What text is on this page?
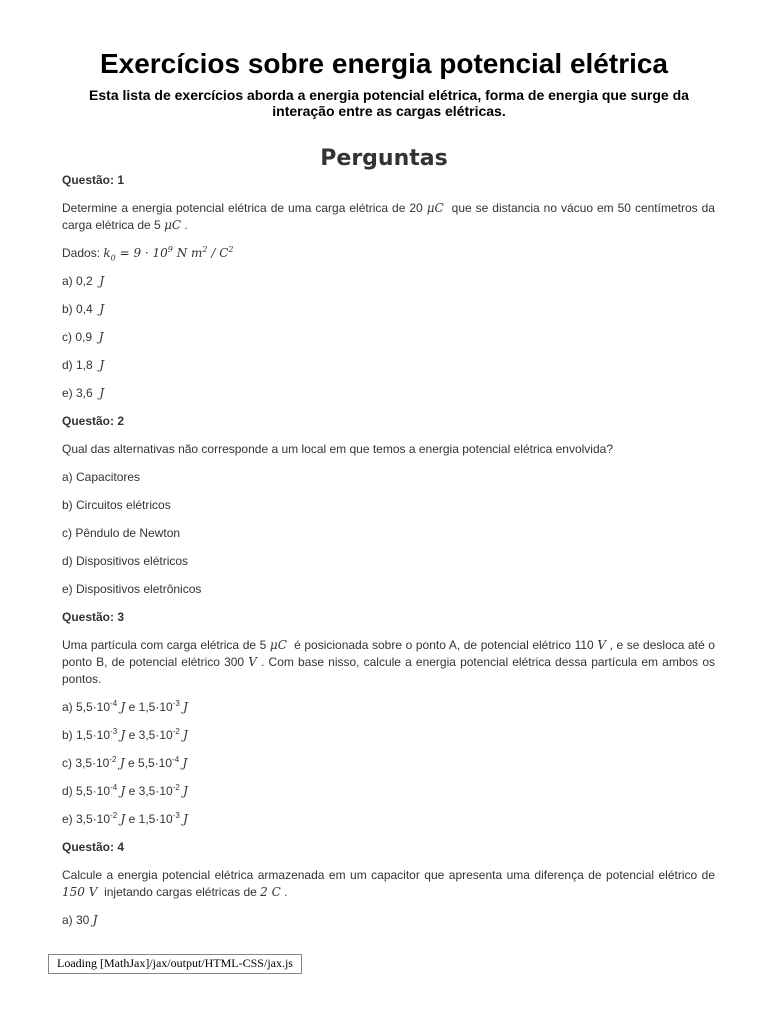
Exercícios sobre energia potencial elétrica

Esta lista de exercícios aborda a energia potencial elétrica, forma de energia que surge da interação entre as cargas elétricas.

Perguntas

Questão: 1

Determine a energia potencial elétrica de uma carga elétrica de 20 μC que se distancia no vácuo em 50 centímetros da carga elétrica de 5 μC .

Dados: $k_0 = 9 \cdot 10^9$ N $m^2 / C^2$

a) 0,2 J

b) 0,4 J

c) 0,9 J

d) 1,8 J

e) 3,6 J

Questão: 2

Qual das alternativas não corresponde a um local em que temos a energia potencial elétrica envolvida?

a) Capacitores

b) Circuitos elétricos

c) Pêndulo de Newton

d) Dispositivos elétricos

e) Dispositivos eletrônicos

Questão: 3

Uma partícula com carga elétrica de 5 μC é posicionada sobre o ponto A, de potencial elétrico 110 V , e se desloca até o ponto B, de potencial elétrico 300 V . Com base nisso, calcule a energia potencial elétrica dessa partícula em ambos os pontos.

a) $5,5\cdot 10^{-4}$ J e $1,5\cdot 10^{-3}$ J

b) $1,5\cdot 10^{-3}$ J e $3,5\cdot 10^{-2}$ J

c) $3,5\cdot 10^{-2}$ J e $5,5\cdot 10^{-4}$ J

d) $5,5\cdot 10^{-4}$ J e $3,5\cdot 10^{-2}$ J

e) $3,5\cdot 10^{-2}$ J e $1,5\cdot 10^{-3}$ J

Questão: 4

Calcule a energia potencial elétrica armazenada em um capacitor que apresenta uma diferença de potencial elétrico de 150 V injetando cargas elétricas de 2 C .

a) 30 J

Loading [MathJax]/jax/output/HTML-CSS/jax.js
